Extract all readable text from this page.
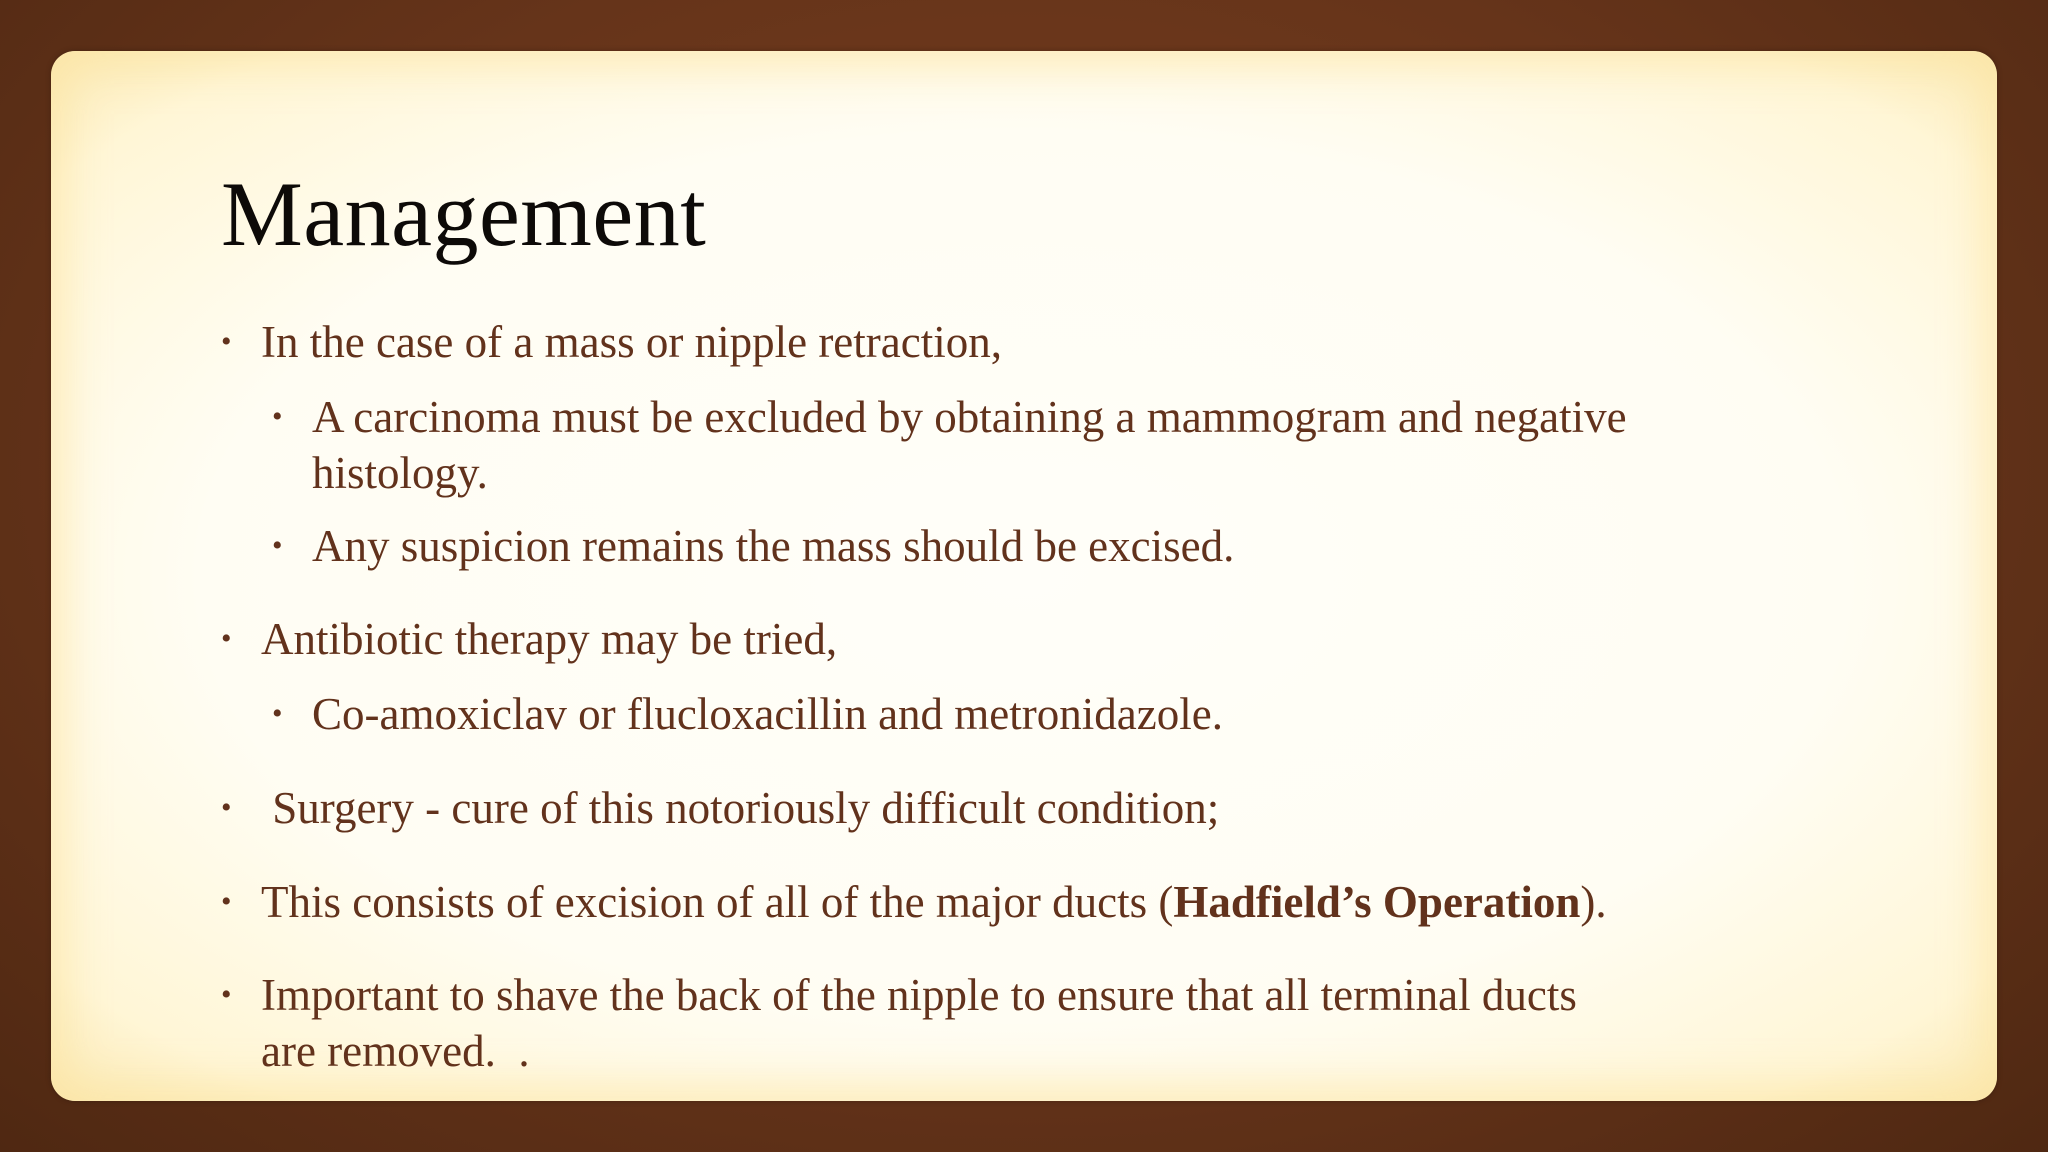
Management
• In the case of a mass or nipple retraction,
• A carcinoma must be excluded by obtaining a mammogram and negative
histology.
• Any suspicion remains the mass should be excised.
• Antibiotic therapy may be tried,
• Co-amoxiclav or flucloxacillin and metronidazole.
• Surgery - cure of this notoriously difficult condition;
• This consists of excision of all of the major ducts (Hadfield’s Operation).
• Important to shave the back of the nipple to ensure that all terminal ducts
are removed.  .
